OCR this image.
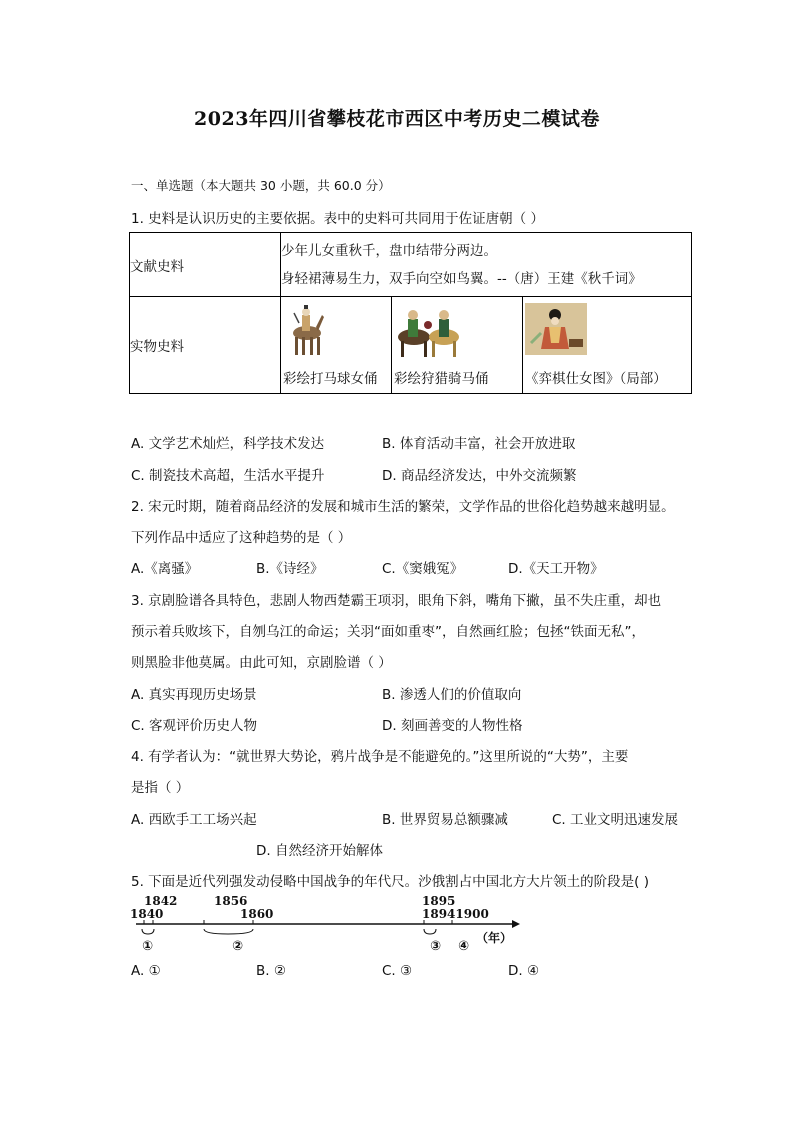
2023年四川省攀枝花市西区中考历史二模试卷
一、单选题（本大题共 30 小题，共 60.0 分）
1. 史料是认识历史的主要依据。表中的史料可共同用于佐证唐朝（ ）
文献史料	少年儿女重秋千，盘巾结带分两边。
身轻裙薄易生力，双手向空如鸟翼。--（唐）王建《秋千词》		

实物史料	彩绘打马球女俑	彩绘狩猎骑马俑	《弈棋仕女图》（局部）
A. 文学艺术灿烂，科学技术发达	B. 体育活动丰富，社会开放进取
C. 制瓷技术高超，生活水平提升	D. 商品经济发达，中外交流频繁
2. 宋元时期，随着商品经济的发展和城市生活的繁荣，文学作品的世俗化趋势越来越明显。
下列作品中适应了这种趋势的是（ ）
A.《离骚》	B.《诗经》	C.《窦娥冤》	D.《天工开物》
3. 京剧脸谱各具特色，悲剧人物西楚霸王项羽，眼角下斜，嘴角下撇，虽不失庄重，却也
预示着兵败垓下，自刎乌江的命运；关羽“面如重枣”，自然画红脸；包拯“铁面无私”，
则黑脸非他莫属。由此可知，京剧脸谱（ ）
A. 真实再现历史场景	B. 渗透人们的价值取向
C. 客观评价历史人物	D. 刻画善变的人物性格
4. 有学者认为：“就世界大势论，鸦片战争是不能避免的。”这里所说的“大势”，主要
是指（ ）
A. 西欧手工工场兴起	B. 世界贸易总额骤减	C. 工业文明迅速发展
D. 自然经济开始解体
5. 下面是近代列强发动侵略中国战争的年代尺。沙俄割占中国北方大片领土的阶段是( )
1842	1856	1895
1840	1860	18941900
①	②	③ ④
（年）
A. ①	B. ②	C. ③	D. ④
